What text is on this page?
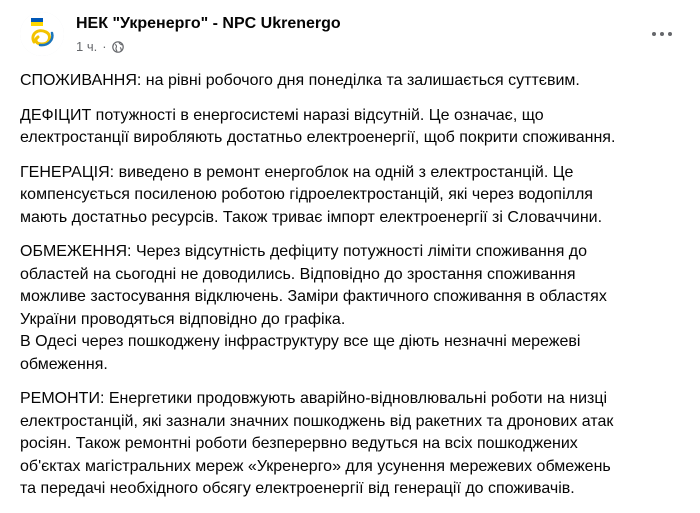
НЕК "Укренерго" - NPC Ukrenergo
1 ч. ·

СПОЖИВАННЯ: на рівні робочого дня понеділка та залишається суттєвим.

ДЕФІЦИТ потужності в енергосистемі наразі відсутній. Це означає, що
електростанції виробляють достатньо електроенергії, щоб покрити споживання.

ГЕНЕРАЦІЯ: виведено в ремонт енергоблок на одній з електростанцій. Це
компенсується посиленою роботою гідроелектростанцій, які через водопілля
мають достатньо ресурсів. Також триває імпорт електроенергії зі Словаччини.

ОБМЕЖЕННЯ: Через відсутність дефіциту потужності ліміти споживання до
областей на сьогодні не доводились. Відповідно до зростання споживання
можливе застосування відключень. Заміри фактичного споживання в областях
України проводяться відповідно до графіка.
В Одесі через пошкоджену інфраструктуру все ще діють незначні мережеві
обмеження.

РЕМОНТИ: Енергетики продовжують аварійно-відновлювальні роботи на низці
електростанцій, які зазнали значних пошкоджень від ракетних та дронових атак
росіян. Також ремонтні роботи безперервно ведуться на всіх пошкоджених
об'єктах магістральних мереж «Укренерго» для усунення мережевих обмежень
та передачі необхідного обсягу електроенергії від генерації до споживачів.
